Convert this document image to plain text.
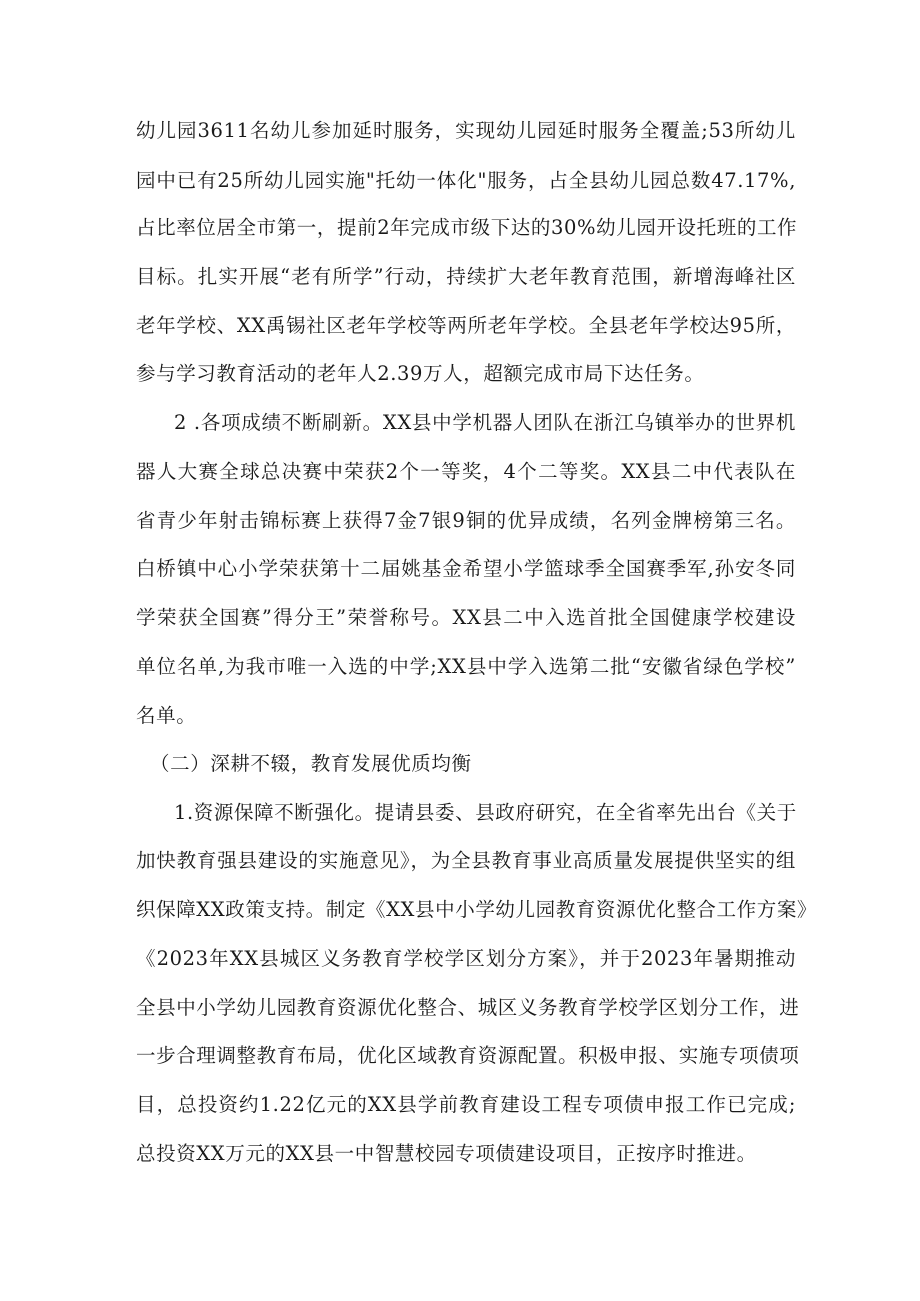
幼儿园3611名幼儿参加延时服务，实现幼儿园延时服务全覆盖;53所幼儿
园中已有25所幼儿园实施"托幼一体化"服务，占全县幼儿园总数47.17%,
占比率位居全市第一，提前2年完成市级下达的30%幼儿园开设托班的工作
目标。扎实开展“老有所学”行动，持续扩大老年教育范围，新增海峰社区
老年学校、XX禹锡社区老年学校等两所老年学校。全县老年学校达95所，
参与学习教育活动的老年人2.39万人，超额完成市局下达任务。
2 .各项成绩不断刷新。XX县中学机器人团队在浙江乌镇举办的世界机
器人大赛全球总决赛中荣获2个一等奖，4个二等奖。XX县二中代表队在
省青少年射击锦标赛上获得7金7银9铜的优异成绩，名列金牌榜第三名。
白桥镇中心小学荣获第十二届姚基金希望小学篮球季全国赛季军,孙安冬同
学荣获全国赛”得分王”荣誉称号。XX县二中入选首批全国健康学校建设
单位名单,为我市唯一入选的中学;XX县中学入选第二批“安徽省绿色学校”
名单。
（二）深耕不辍，教育发展优质均衡
1.资源保障不断强化。提请县委、县政府研究，在全省率先出台《关于
加快教育强县建设的实施意见》，为全县教育事业高质量发展提供坚实的组
织保障XX政策支持。制定《XX县中小学幼儿园教育资源优化整合工作方案》
《2023年XX县城区义务教育学校学区划分方案》，并于2023年暑期推动
全县中小学幼儿园教育资源优化整合、城区义务教育学校学区划分工作，进
一步合理调整教育布局，优化区域教育资源配置。积极申报、实施专项债项
目，总投资约1.22亿元的XX县学前教育建设工程专项债申报工作已完成;
总投资XX万元的XX县一中智慧校园专项债建设项目，正按序时推进。
